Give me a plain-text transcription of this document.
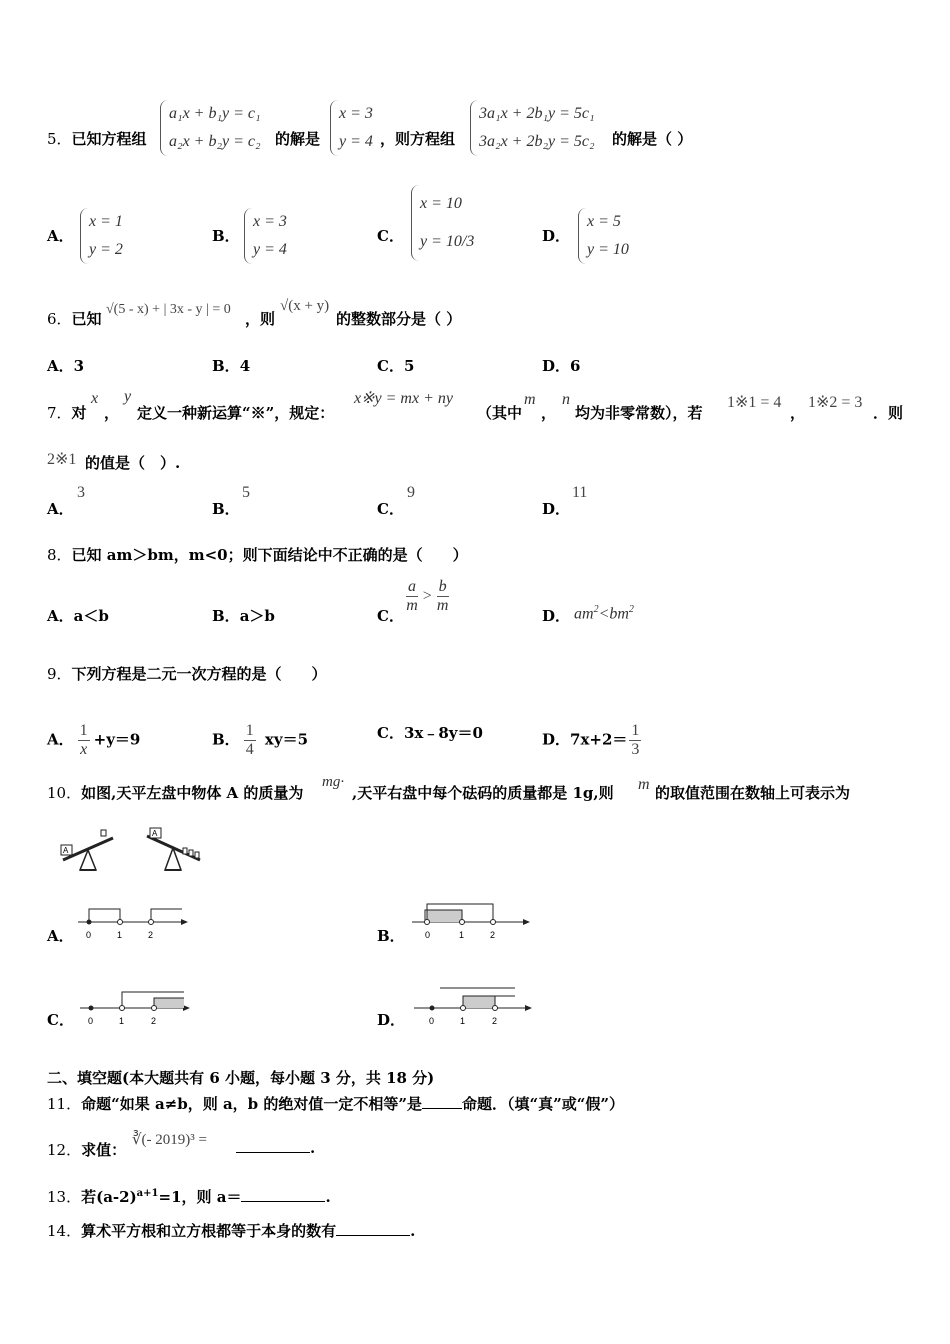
5．已知方程组
a₁x + b₁y = c₁
a₂x + b₂y = c₂ 的解是
x = 3
y = 4 ，则方程组
3a₁x + 2b₁y = 5c₁
3a₂x + 2b₂y = 5c₂ 的解是（ ）
A．
x = 1
y = 2
B．
x = 3
y = 4
C．
x = 10
y = 10/3	D．
x = 5
y = 10
6．已知
√(5 - x) + | 3x - y | = 0
，则
√(x + y)
的整数部分是（ ）
A．3	B．4	C．5	D．6
7．对
x
，
y
定义一种新运算“※”，规定：
x※y = mx + ny
（其中
m
，
n
均为非零常数），若
1※1 = 4
，
1※2 = 3
．则
2※1 的值是（　）.
A．
3
B．
5
C．
9
D．
11
8．已知 am＞bm，m<0；则下面结论中不正确的是（　　）
A．a＜b	B．a＞b	C．
$\frac{a}{m} > \frac{b}{m}$
D． $am^2<bm^2$
9．下列方程是二元一次方程的是（　　）
A． $\frac{1}{x} +y=9$	B． $\frac{1}{4} xy=5$	C．3x﹣8y＝0	D．$7x+2= \frac{1}{3}$
10．如图,天平左盘中物体 A 的质量为
mg·
,天平右盘中每个砝码的质量都是 1g,则 m 的取值范围在数轴上可表示为
A
A
A． 0	1	2	B． 0	1	2
C． 0	1	2	D．	0	1	2
二、填空题(本大题共有 6 小题，每小题 3 分，共 18 分)
11．命题“如果 a≠b，则 a，b 的绝对值一定不相等”是	命题．（填“真”或“假”）
12．求值：
∛(- 2019)³ =	.
13．若$(a-2)^{a+1}=1$，则 a＝	.
14．算术平方根和立方根都等于本身的数有	.
